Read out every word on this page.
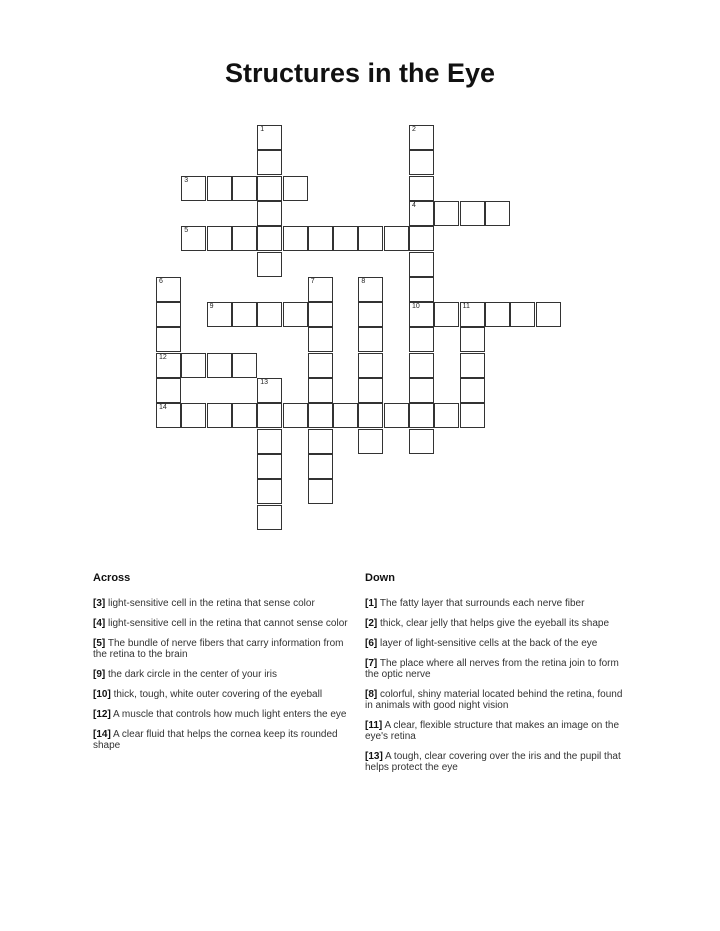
Structures in the Eye
1	2
4
10
3
5
6
12
14
7	8
9	11
13
Across
[3] light-sensitive cell in the retina that sense color
[4] light-sensitive cell in the retina that cannot sense color
[5] The bundle of nerve fibers that carry information from the retina to the brain
[9] the dark circle in the center of your iris
[10] thick, tough, white outer covering of the eyeball
[12] A muscle that controls how much light enters the eye
[14] A clear fluid that helps the cornea keep its rounded shape
Down
[1] The fatty layer that surrounds each nerve fiber
[2] thick, clear jelly that helps give the eyeball its shape
[6] layer of light-sensitive cells at the back of the eye
[7] The place where all nerves from the retina join to form the optic nerve
[8] colorful, shiny material located behind the retina, found in animals with good night vision
[11] A clear, flexible structure that makes an image on the eye's retina
[13] A tough, clear covering over the iris and the pupil that helps protect the eye
